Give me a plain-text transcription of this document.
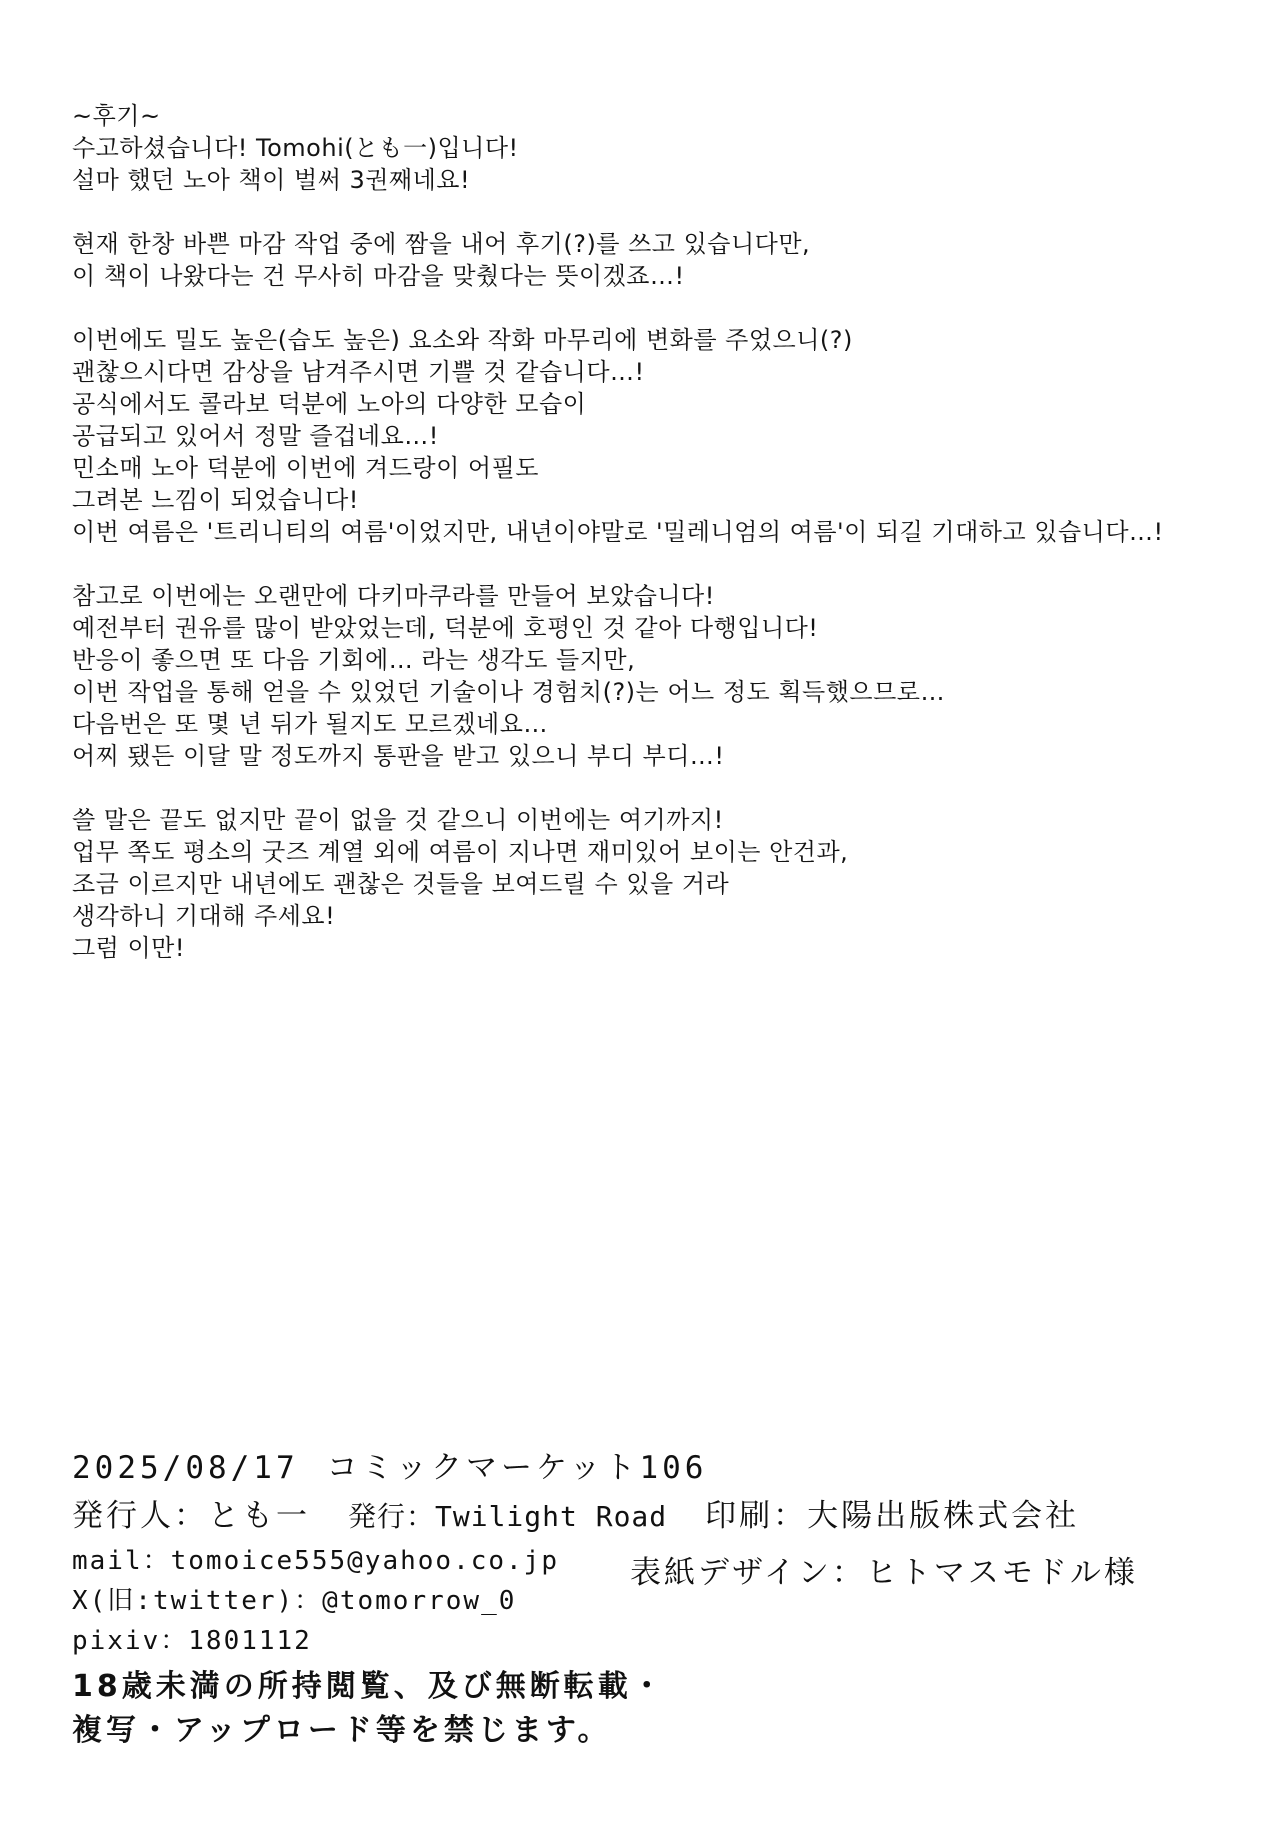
~후기~
수고하셨습니다! Tomohi(とも一)입니다!
설마 했던 노아 책이 벌써 3권째네요!
현재 한창 바쁜 마감 작업 중에 짬을 내어 후기(?)를 쓰고 있습니다만,
이 책이 나왔다는 건 무사히 마감을 맞췄다는 뜻이겠죠…!
이번에도 밀도 높은(습도 높은) 요소와 작화 마무리에 변화를 주었으니(?)
괜찮으시다면 감상을 남겨주시면 기쁠 것 같습니다…!
공식에서도 콜라보 덕분에 노아의 다양한 모습이
공급되고 있어서 정말 즐겁네요…!
민소매 노아 덕분에 이번에 겨드랑이 어필도
그려본 느낌이 되었습니다!
이번 여름은 '트리니티의 여름'이었지만, 내년이야말로 '밀레니엄의 여름'이 되길 기대하고 있습니다…!
참고로 이번에는 오랜만에 다키마쿠라를 만들어 보았습니다!
예전부터 권유를 많이 받았었는데, 덕분에 호평인 것 같아 다행입니다!
반응이 좋으면 또 다음 기회에… 라는 생각도 들지만,
이번 작업을 통해 얻을 수 있었던 기술이나 경험치(?)는 어느 정도 획득했으므로…
다음번은 또 몇 년 뒤가 될지도 모르겠네요…
어찌 됐든 이달 말 정도까지 통판을 받고 있으니 부디 부디…!
쓸 말은 끝도 없지만 끝이 없을 것 같으니 이번에는 여기까지!
업무 쪽도 평소의 굿즈 계열 외에 여름이 지나면 재미있어 보이는 안건과,
조금 이르지만 내년에도 괜찮은 것들을 보여드릴 수 있을 거라
생각하니 기대해 주세요!
그럼 이만!
2025/08/17 コミックマーケット106
発行人：とも一 発行：Twilight Road 印刷：大陽出版株式会社
mail：tomoice555@yahoo.co.jp
X(旧:twitter)：@tomorrow_0
pixiv：1801112
表紙デザイン：ヒトマスモドル様
18歳未満の所持閲覧、及び無断転載・
複写・アップロード等を禁じます。
